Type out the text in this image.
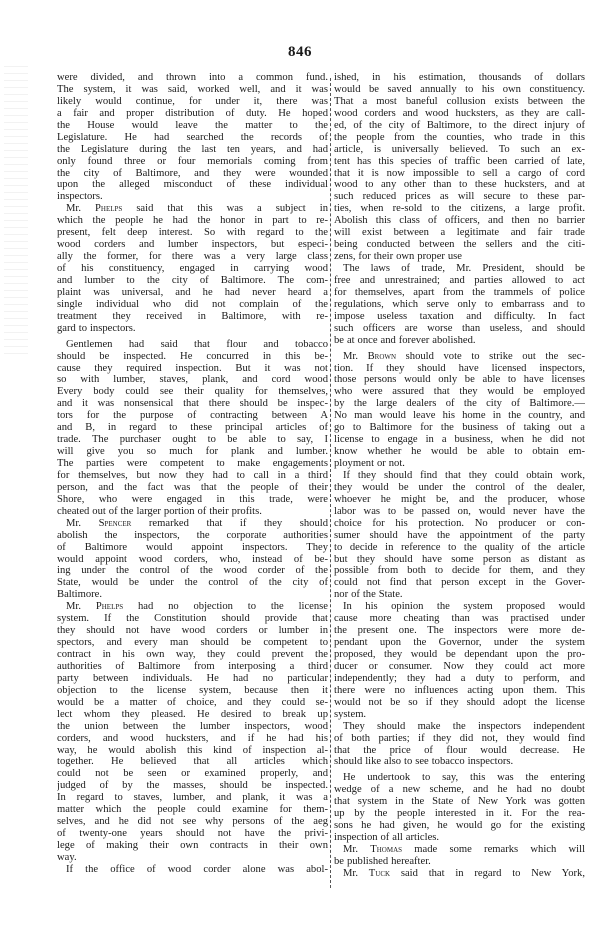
846
were divided, and thrown into a common fund.
The system, it was said, worked well, and it was
likely would continue, for under it, there was
a fair and proper distribution of duty. He hoped
the House would leave the matter to the
Legislature. He had searched the records of
the Legislature during the last ten years, and had
only found three or four memorials coming from
the city of Baltimore, and they were wounded
upon the alleged misconduct of these individual
inspectors.
Mr. Phelps said that this was a subject in
which the people he had the honor in part to re-
present, felt deep interest. So with regard to the
wood corders and lumber inspectors, but especi-
ally the former, for there was a very large class
of his constituency, engaged in carrying wood
and lumber to the city of Baltimore. The com-
plaint was universal, and he had never heard a
single individual who did not complain of the
treatment they received in Baltimore, with re-
gard to inspectors.
Gentlemen had said that flour and tobacco
should be inspected. He concurred in this be-
cause they required inspection. But it was not
so with lumber, staves, plank, and cord wood
Every body could see their quality for themselves,
and it was nonsensical that there should be inspec-
tors for the purpose of contracting between A
and B, in regard to these principal articles of
trade. The purchaser ought to be able to say, I
will give you so much for plank and lumber.
The parties were competent to make engagements
for themselves, but now they had to call in a third
person, and the fact was that the people of their
Shore, who were engaged in this trade, were
cheated out of the larger portion of their profits.
Mr. Spencer remarked that if they should
abolish the inspectors, the corporate authorities
of Baltimore would appoint inspectors. They
would appoint wood corders, who, instead of be-
ing under the control of the wood corder of the
State, would be under the control of the city of
Baltimore.
Mr. Phelps had no objection to the license
system. If the Constitution should provide that
they should not have wood corders or lumber in
spectors, and every man should be competent to
contract in his own way, they could prevent the
authorities of Baltimore from interposing a third
party between individuals. He had no particular
objection to the license system, because then it
would be a matter of choice, and they could se-
lect whom they pleased. He desired to break up
the union between the lumber inspectors, wood
corders, and wood hucksters, and if he had his
way, he would abolish this kind of inspection al-
together. He believed that all articles which
could not be seen or examined properly, and
judged of by the masses, should be inspected.
In regard to staves, lumber, and plank, it was a
matter which the people could examine for them-
selves, and he did not see why persons of the aeg
of twenty-one years should not have the privi-
lege of making their own contracts in their own
way.
If the office of wood corder alone was abol-
ished, in his estimation, thousands of dollars
would be saved annually to his own constituency.
That a most baneful collusion exists between the
wood corders and wood hucksters, as they are call-
ed, of the city of Baltimore, to the direct injury of
the people from the counties, who trade in this
article, is universally believed. To such an ex-
tent has this species of traffic been carried of late,
that it is now impossible to sell a cargo of cord
wood to any other than to these hucksters, and at
such reduced prices as will secure to these par-
ties, when re-sold to the citizens, a large profit.
Abolish this class of officers, and then no barrier
will exist between a legitimate and fair trade
being conducted between the sellers and the citi-
zens, for their own proper use
The laws of trade, Mr. President, should be
free and unrestrained; and parties allowed to act
for themselves, apart from the trammels of police
regulations, which serve only to embarrass and to
impose useless taxation and difficulty. In fact
such officers are worse than useless, and should
be at once and forever abolished.
Mr. Brown should vote to strike out the sec-
tion. If they should have licensed inspectors,
those persons would only be able to have licenses
who were assured that they would be employed
by the large dealers of the city of Baltimore.—
No man would leave his home in the country, and
go to Baltimore for the business of taking out a
license to engage in a business, when he did not
know whether he would be able to obtain em-
ployment or not.
If they should find that they could obtain work,
they would be under the control of the dealer,
whoever he might be, and the producer, whose
labor was to be passed on, would never have the
choice for his protection. No producer or con-
sumer should have the appointment of the party
to decide in reference to the quality of the article
but they should have some person as distant as
possible from both to decide for them, and they
could not find that person except in the Gover-
nor of the State.
In his opinion the system proposed would
cause more cheating than was practised under
the present one. The inspectors were more de-
pendant upon the Governor, under the system
proposed, they would be dependant upon the pro-
ducer or consumer. Now they could act more
independently; they had a duty to perform, and
there were no influences acting upon them. This
would not be so if they should adopt the license
system.
They should make the inspectors independent
of both parties; if they did not, they would find
that the price of flour would decrease. He
should like also to see tobacco inspectors.
He undertook to say, this was the entering
wedge of a new scheme, and he had no doubt
that system in the State of New York was gotten
up by the people interested in it. For the rea-
sons he had given, he would go for the existing
inspection of all articles.
Mr. Thomas made some remarks which will
be published hereafter.
Mr. Tuck said that in regard to New York,
